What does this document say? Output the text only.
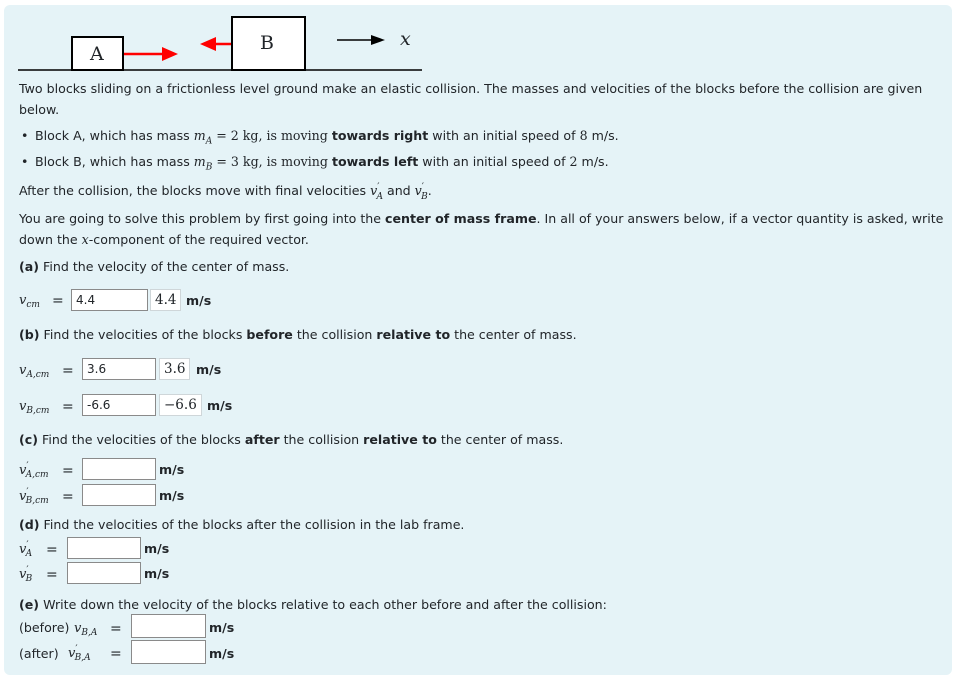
A	B	x
Two blocks sliding on a frictionless level ground make an elastic collision. The masses and velocities of the blocks before the collision are given
below.
• Block A, which has mass $m_A = 2$ kg, is moving towards right with an initial speed of 8 m/s.
• Block B, which has mass $m_B = 3$ kg, is moving towards left with an initial speed of 2 m/s.
After the collision, the blocks move with final velocities $v'_A$ and $v'_B$.
You are going to solve this problem by first going into the center of mass frame. In all of your answers below, if a vector quantity is asked, write
down the x-component of the required vector.
(a) Find the velocity of the center of mass.
$v_{cm}$ =
4.4	4.4 m/s
(b) Find the velocities of the blocks before the collision relative to the center of mass.
$v_{A,cm}$ =
3.6	3.6 m/s
$v_{B,cm}$ =
-6.6	−6.6 m/s
(c) Find the velocities of the blocks after the collision relative to the center of mass.
$v'_{A,cm}$ =	m/s
$v'_{B,cm}$ =	m/s
(d) Find the velocities of the blocks after the collision in the lab frame.
$v'_A$ =	m/s
$v'_B$ =	m/s
(e) Write down the velocity of the blocks relative to each other before and after the collision:
(before) $v_{B,A}$ =	m/s
(after) $v'_{B,A}$ =	m/s
